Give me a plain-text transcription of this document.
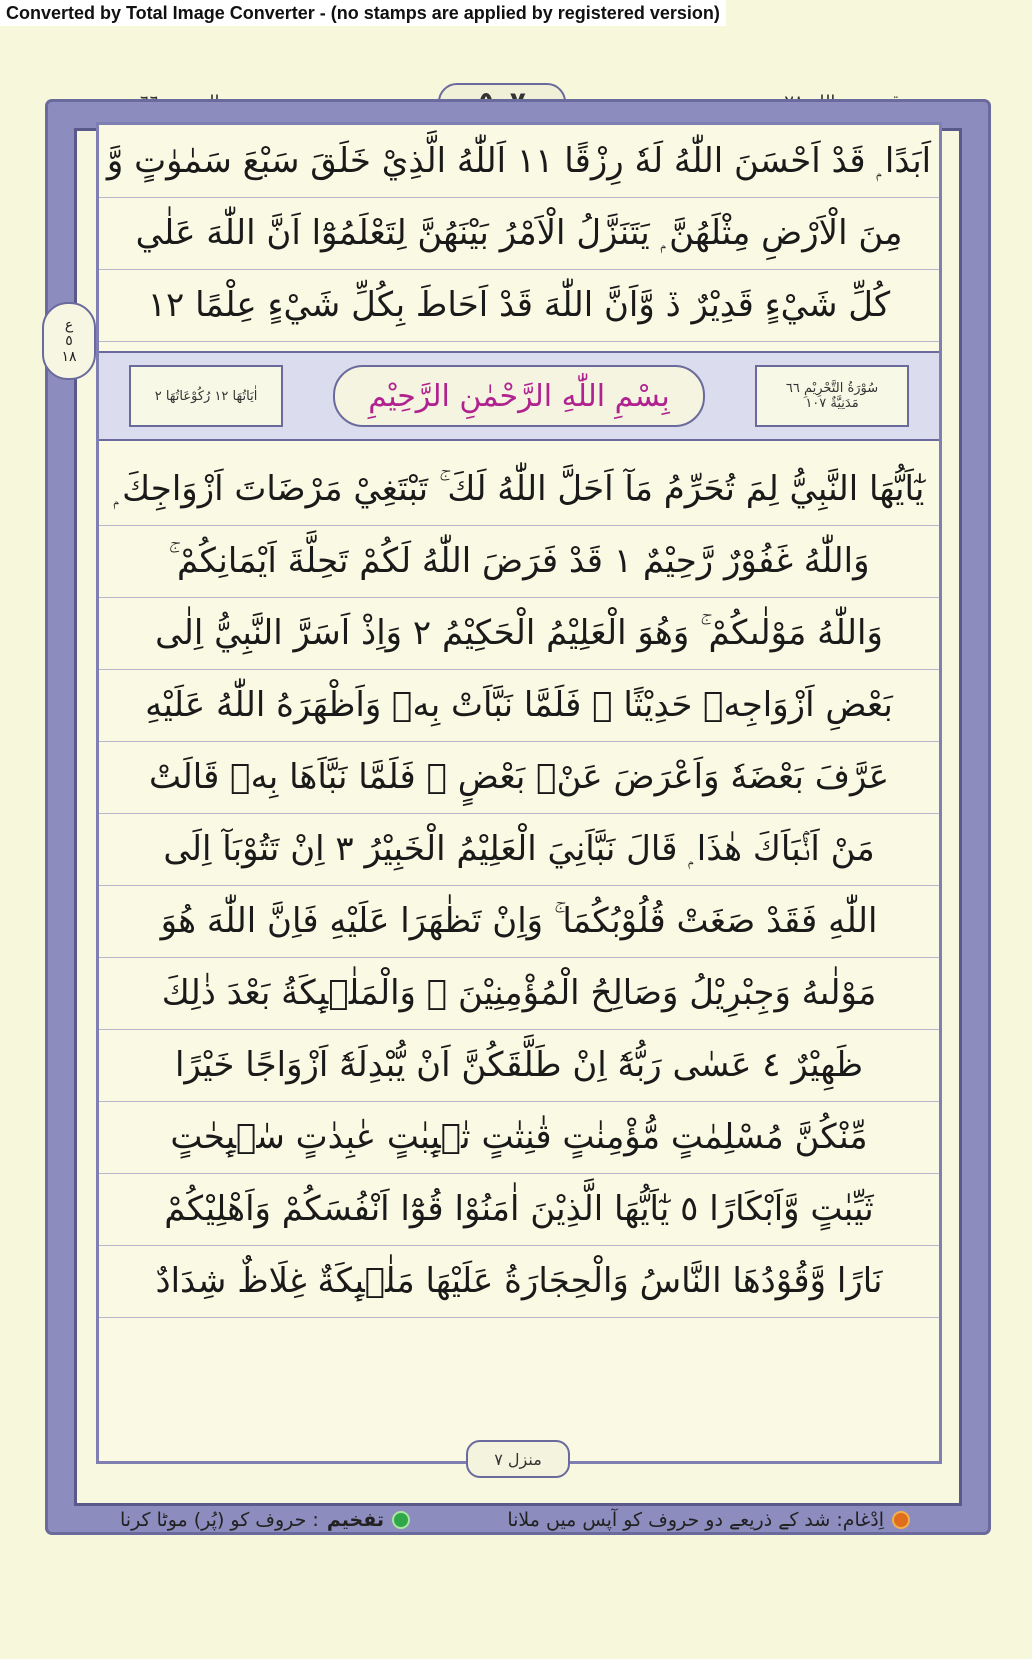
Converted by Total Image Converter - (no stamps are applied by registered version)
اَبَدًا ۭ قَدْ اَحْسَنَ اللّٰهُ لَهٗ رِزْقًا ١١ اَللّٰهُ الَّذِيْ خَلَقَ سَبْعَ سَمٰوٰتٍ وَّ
مِنَ الْاَرْضِ مِثْلَهُنَّ ۭ يَتَنَزَّلُ الْاَمْرُ بَيْنَهُنَّ لِتَعْلَمُوْٓا اَنَّ اللّٰهَ عَلٰي
كُلِّ شَيْءٍ قَدِيْرٌ ڏ وَّاَنَّ اللّٰهَ قَدْ اَحَاطَ بِكُلِّ شَيْءٍ عِلْمًا ١٢
سُوْرَةُ التَّحْرِيْمِ ٦٦
مَدَنِيَّةٌ ١٠٧
بِسْمِ اللّٰهِ الرَّحْمٰنِ الرَّحِيْمِ
اٰيَاتُهَا ١٢ رُكُوْعَاتُهَا ٢
يٰٓاَيُّهَا النَّبِيُّ لِمَ تُحَرِّمُ مَآ اَحَلَّ اللّٰهُ لَكَ ۚ تَبْتَغِيْ مَرْضَاتَ اَزْوَاجِكَ ۭ
وَاللّٰهُ غَفُوْرٌ رَّحِيْمٌ ١ قَدْ فَرَضَ اللّٰهُ لَكُمْ تَحِلَّةَ اَيْمَانِكُمْ ۚ
وَاللّٰهُ مَوْلٰىكُمْ ۚ وَهُوَ الْعَلِيْمُ الْحَكِيْمُ ٢ وَاِذْ اَسَرَّ النَّبِيُّ اِلٰى
بَعْضِ اَزْوَاجِهٖ حَدِيْثًا ۚ فَلَمَّا نَبَّاَتْ بِهٖ وَاَظْهَرَهُ اللّٰهُ عَلَيْهِ
عَرَّفَ بَعْضَهٗ وَاَعْرَضَ عَنْۢ بَعْضٍ ۚ فَلَمَّا نَبَّاَهَا بِهٖ قَالَتْ
مَنْ اَنْۢبَاَكَ هٰذَا ۭ قَالَ نَبَّاَنِيَ الْعَلِيْمُ الْخَبِيْرُ ٣ اِنْ تَتُوْبَآ اِلَى
اللّٰهِ فَقَدْ صَغَتْ قُلُوْبُكُمَا ۚ وَاِنْ تَظٰهَرَا عَلَيْهِ فَاِنَّ اللّٰهَ هُوَ
مَوْلٰىهُ وَجِبْرِيْلُ وَصَالِحُ الْمُؤْمِنِيْنَ ۚ وَالْمَلٰۗىِٕكَةُ بَعْدَ ذٰلِكَ
ظَهِيْرٌ ٤ عَسٰى رَبُّهٗٓ اِنْ طَلَّقَكُنَّ اَنْ يُّبْدِلَهٗٓ اَزْوَاجًا خَيْرًا
مِّنْكُنَّ مُسْلِمٰتٍ مُّؤْمِنٰتٍ قٰنِتٰتٍ تٰۗىِٕبٰتٍ عٰبِدٰتٍ سٰۗىِٕحٰتٍ
ثَيِّبٰتٍ وَّاَبْكَارًا ٥ يٰٓاَيُّهَا الَّذِيْنَ اٰمَنُوْا قُوْٓا اَنْفُسَكُمْ وَاَهْلِيْكُمْ
نَارًا وَّقُوْدُهَا النَّاسُ وَالْحِجَارَةُ عَلَيْهَا مَلٰۗىِٕكَةٌ غِلَاظٌ شِدَادٌ
ع
٥
١٨
منزل ٧
اِدْغام: شد کے ذریعے دو حروف کو آپس میں ملانا
تفخیم
: حروف کو (پُر) موٹا کرنا
